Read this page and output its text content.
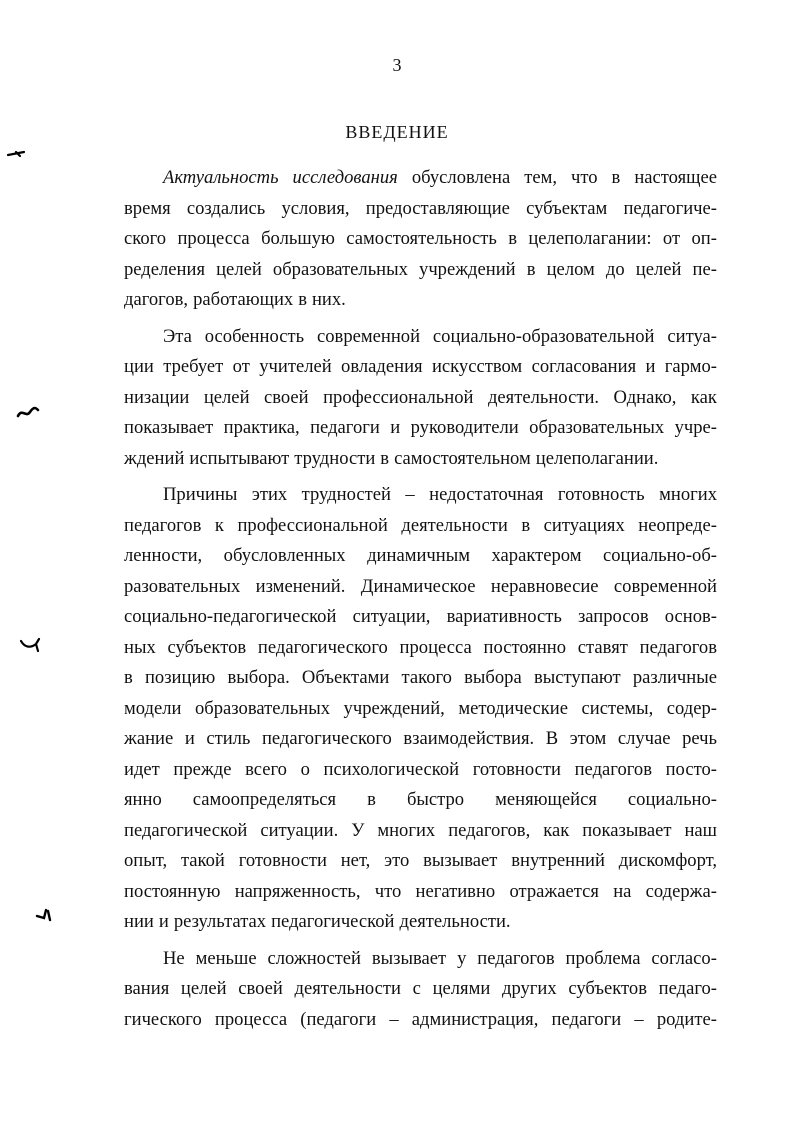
3
ВВЕДЕНИЕ
Актуальность исследования обусловлена тем, что в настоящее
время создались условия, предоставляющие субъектам педагогиче-
ского процесса большую самостоятельность в целеполагании: от оп-
ределения целей образовательных учреждений в целом до целей пе-
дагогов, работающих в них.
Эта особенность современной социально-образовательной ситуа-
ции требует от учителей овладения искусством согласования и гармо-
низации целей своей профессиональной деятельности. Однако, как
показывает практика, педагоги и руководители образовательных учре-
ждений испытывают трудности в самостоятельном целеполагании.
Причины этих трудностей – недостаточная готовность многих
педагогов к профессиональной деятельности в ситуациях неопреде-
ленности, обусловленных динамичным характером социально-об-
разовательных изменений. Динамическое неравновесие современной
социально-педагогической ситуации, вариативность запросов основ-
ных субъектов педагогического процесса постоянно ставят педагогов
в позицию выбора. Объектами такого выбора выступают различные
модели образовательных учреждений, методические системы, содер-
жание и стиль педагогического взаимодействия. В этом случае речь
идет прежде всего о психологической готовности педагогов посто-
янно самоопределяться в быстро меняющейся социально-
педагогической ситуации. У многих педагогов, как показывает наш
опыт, такой готовности нет, это вызывает внутренний дискомфорт,
постоянную напряженность, что негативно отражается на содержа-
нии и результатах педагогической деятельности.
Не меньше сложностей вызывает у педагогов проблема согласо-
вания целей своей деятельности с целями других субъектов педаго-
гического процесса (педагоги – администрация, педагоги – родите-
